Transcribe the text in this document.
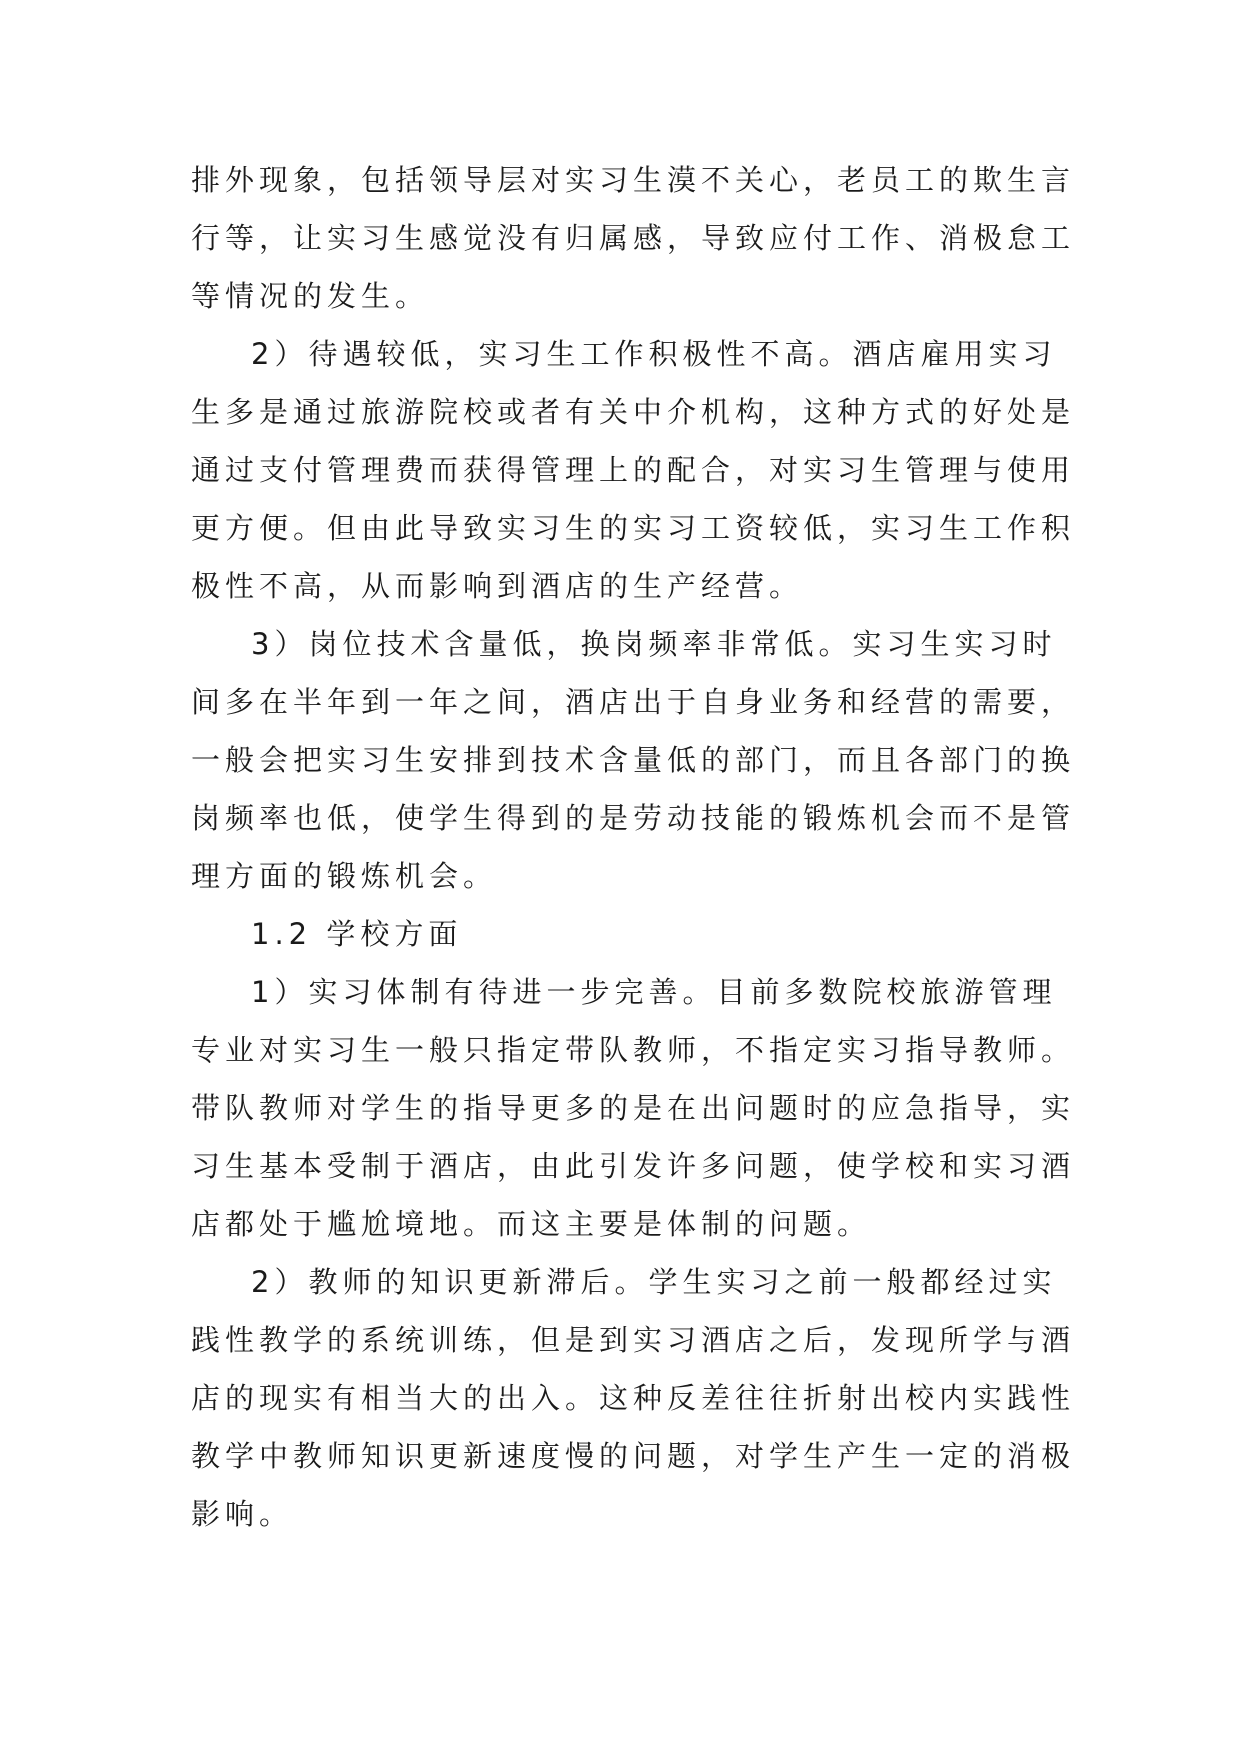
排外现象，包括领导层对实习生漠不关心，老员工的欺生言
行等，让实习生感觉没有归属感，导致应付工作、消极怠工
等情况的发生。
2）待遇较低，实习生工作积极性不高。酒店雇用实习
生多是通过旅游院校或者有关中介机构，这种方式的好处是
通过支付管理费而获得管理上的配合，对实习生管理与使用
更方便。但由此导致实习生的实习工资较低，实习生工作积
极性不高，从而影响到酒店的生产经营。
3）岗位技术含量低，换岗频率非常低。实习生实习时
间多在半年到一年之间，酒店出于自身业务和经营的需要，
一般会把实习生安排到技术含量低的部门，而且各部门的换
岗频率也低，使学生得到的是劳动技能的锻炼机会而不是管
理方面的锻炼机会。
1.2 学校方面
1）实习体制有待进一步完善。目前多数院校旅游管理
专业对实习生一般只指定带队教师，不指定实习指导教师。
带队教师对学生的指导更多的是在出问题时的应急指导，实
习生基本受制于酒店，由此引发许多问题，使学校和实习酒
店都处于尴尬境地。而这主要是体制的问题。
2）教师的知识更新滞后。学生实习之前一般都经过实
践性教学的系统训练，但是到实习酒店之后，发现所学与酒
店的现实有相当大的出入。这种反差往往折射出校内实践性
教学中教师知识更新速度慢的问题，对学生产生一定的消极
影响。
